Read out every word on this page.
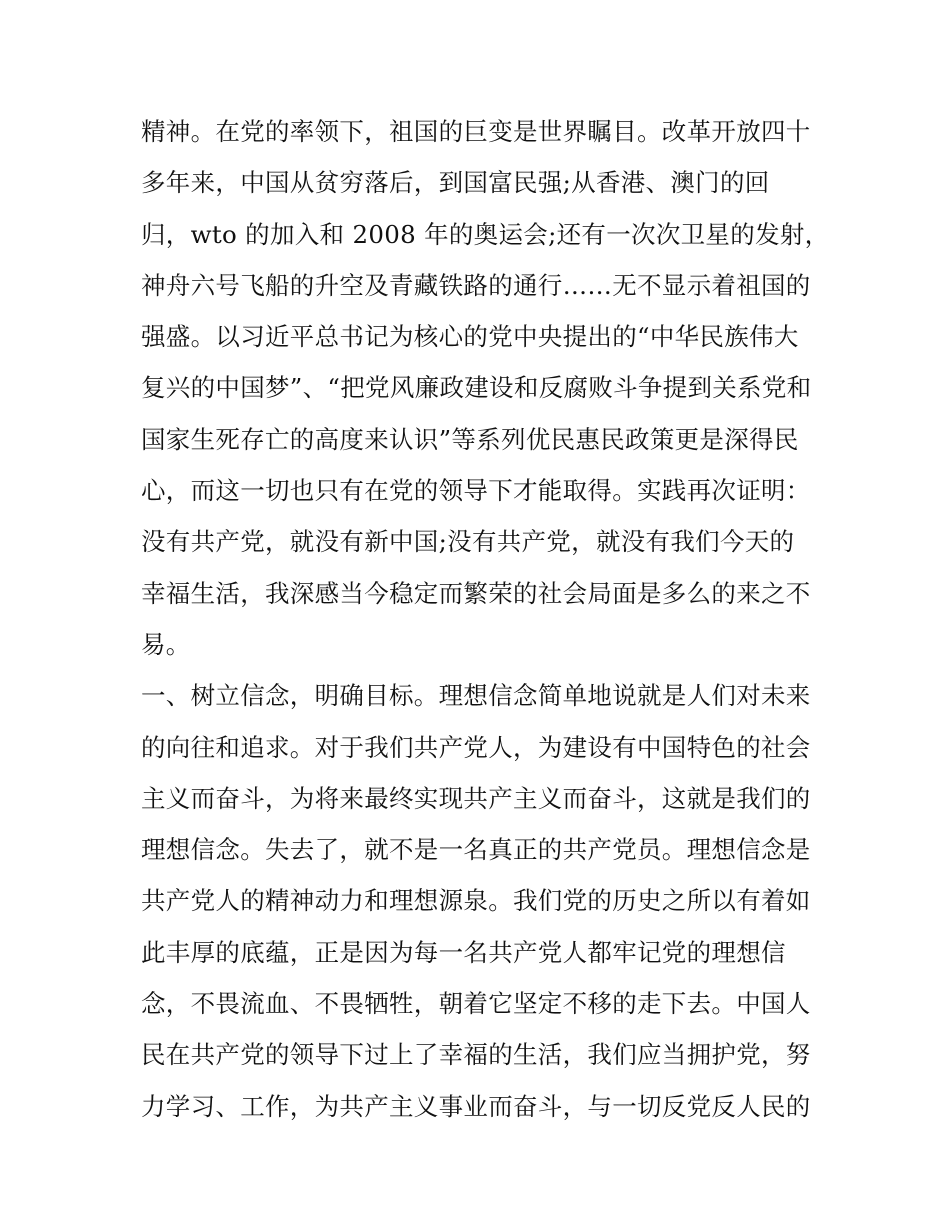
精神。在党的率领下，祖国的巨变是世界瞩目。改革开放四十
多年来，中国从贫穷落后，到国富民强;从香港、澳门的回
归，wto 的加入和 2008 年的奥运会;还有一次次卫星的发射，
神舟六号飞船的升空及青藏铁路的通行……无不显示着祖国的
强盛。以习近平总书记为核心的党中央提出的“中华民族伟大
复兴的中国梦”、“把党风廉政建设和反腐败斗争提到关系党和
国家生死存亡的高度来认识”等系列优民惠民政策更是深得民
心，而这一切也只有在党的领导下才能取得。实践再次证明：
没有共产党，就没有新中国;没有共产党，就没有我们今天的
幸福生活，我深感当今稳定而繁荣的社会局面是多么的来之不
易。
一、树立信念，明确目标。理想信念简单地说就是人们对未来
的向往和追求。对于我们共产党人，为建设有中国特色的社会
主义而奋斗，为将来最终实现共产主义而奋斗，这就是我们的
理想信念。失去了，就不是一名真正的共产党员。理想信念是
共产党人的精神动力和理想源泉。我们党的历史之所以有着如
此丰厚的底蕴，正是因为每一名共产党人都牢记党的理想信
念，不畏流血、不畏牺牲，朝着它坚定不移的走下去。中国人
民在共产党的领导下过上了幸福的生活，我们应当拥护党，努
力学习、工作，为共产主义事业而奋斗，与一切反党反人民的
